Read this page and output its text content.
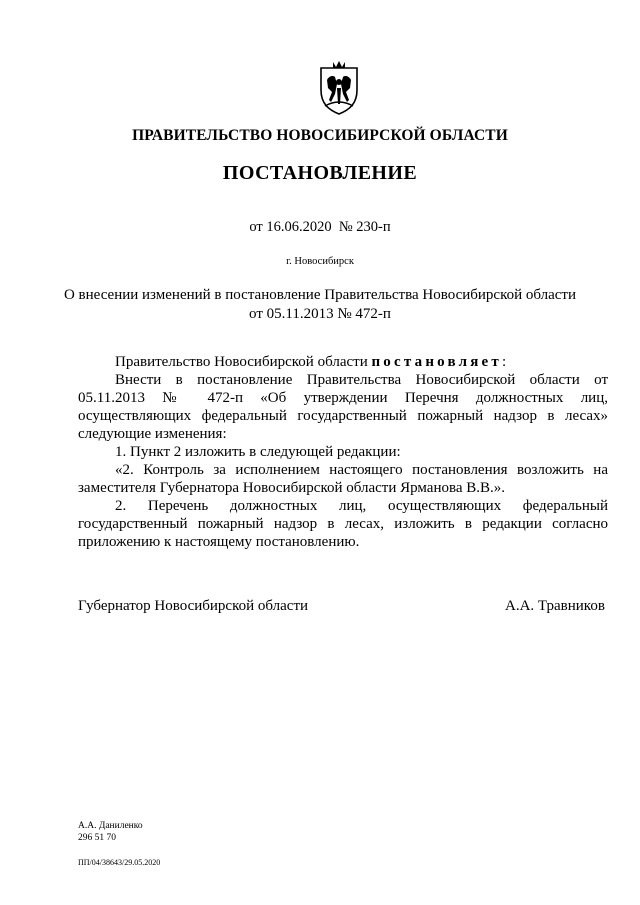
ПРАВИТЕЛЬСТВО НОВОСИБИРСКОЙ ОБЛАСТИ
ПОСТАНОВЛЕНИЕ
от 16.06.2020  № 230-п
г. Новосибирск
О внесении изменений в постановление Правительства Новосибирской области
от 05.11.2013 № 472-п

Правительство Новосибирской области постановляет:

Внести в постановление Правительства Новосибирской области от 05.11.2013 № 472-п «Об утверждении Перечня должностных лиц, осуществляющих федеральный государственный пожарный надзор в лесах» следующие изменения:

1. Пункт 2 изложить в следующей редакции:

«2. Контроль за исполнением настоящего постановления возложить на заместителя Губернатора Новосибирской области Ярманова В.В.».

2. Перечень должностных лиц, осуществляющих федеральный государственный пожарный надзор в лесах, изложить в редакции согласно приложению к настоящему постановлению.

Губернатор Новосибирской области	А.А. Травников
А.А. Даниленко
296 51 70
ПП/04/38643/29.05.2020
